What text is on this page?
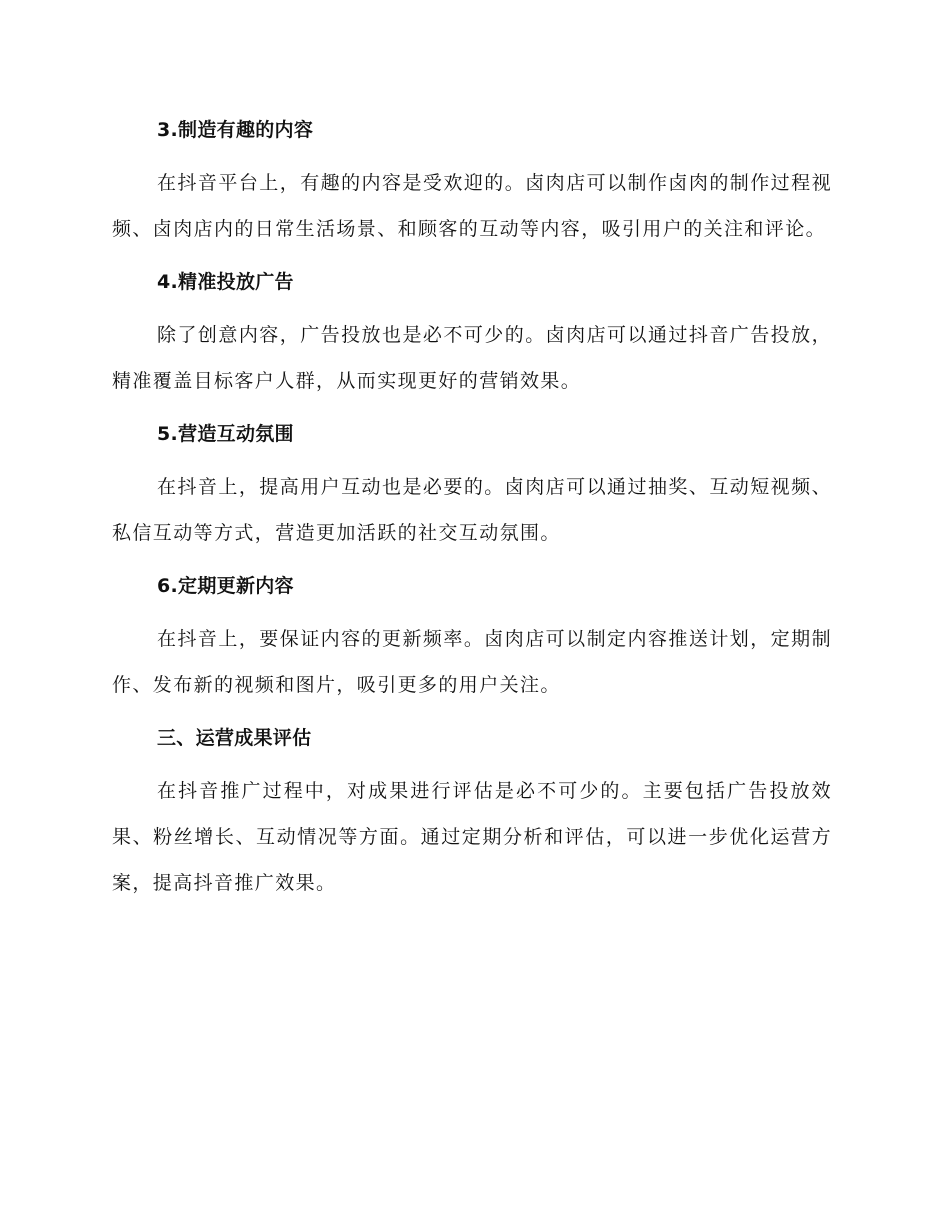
3.制造有趣的内容

在抖音平台上，有趣的内容是受欢迎的。卤肉店可以制作卤肉的制作过程视频、卤肉店内的日常生活场景、和顾客的互动等内容，吸引用户的关注和评论。

4.精准投放广告

除了创意内容，广告投放也是必不可少的。卤肉店可以通过抖音广告投放，精准覆盖目标客户人群，从而实现更好的营销效果。

5.营造互动氛围

在抖音上，提高用户互动也是必要的。卤肉店可以通过抽奖、互动短视频、私信互动等方式，营造更加活跃的社交互动氛围。

6.定期更新内容

在抖音上，要保证内容的更新频率。卤肉店可以制定内容推送计划，定期制作、发布新的视频和图片，吸引更多的用户关注。

三、运营成果评估

在抖音推广过程中，对成果进行评估是必不可少的。主要包括广告投放效果、粉丝增长、互动情况等方面。通过定期分析和评估，可以进一步优化运营方案，提高抖音推广效果。
